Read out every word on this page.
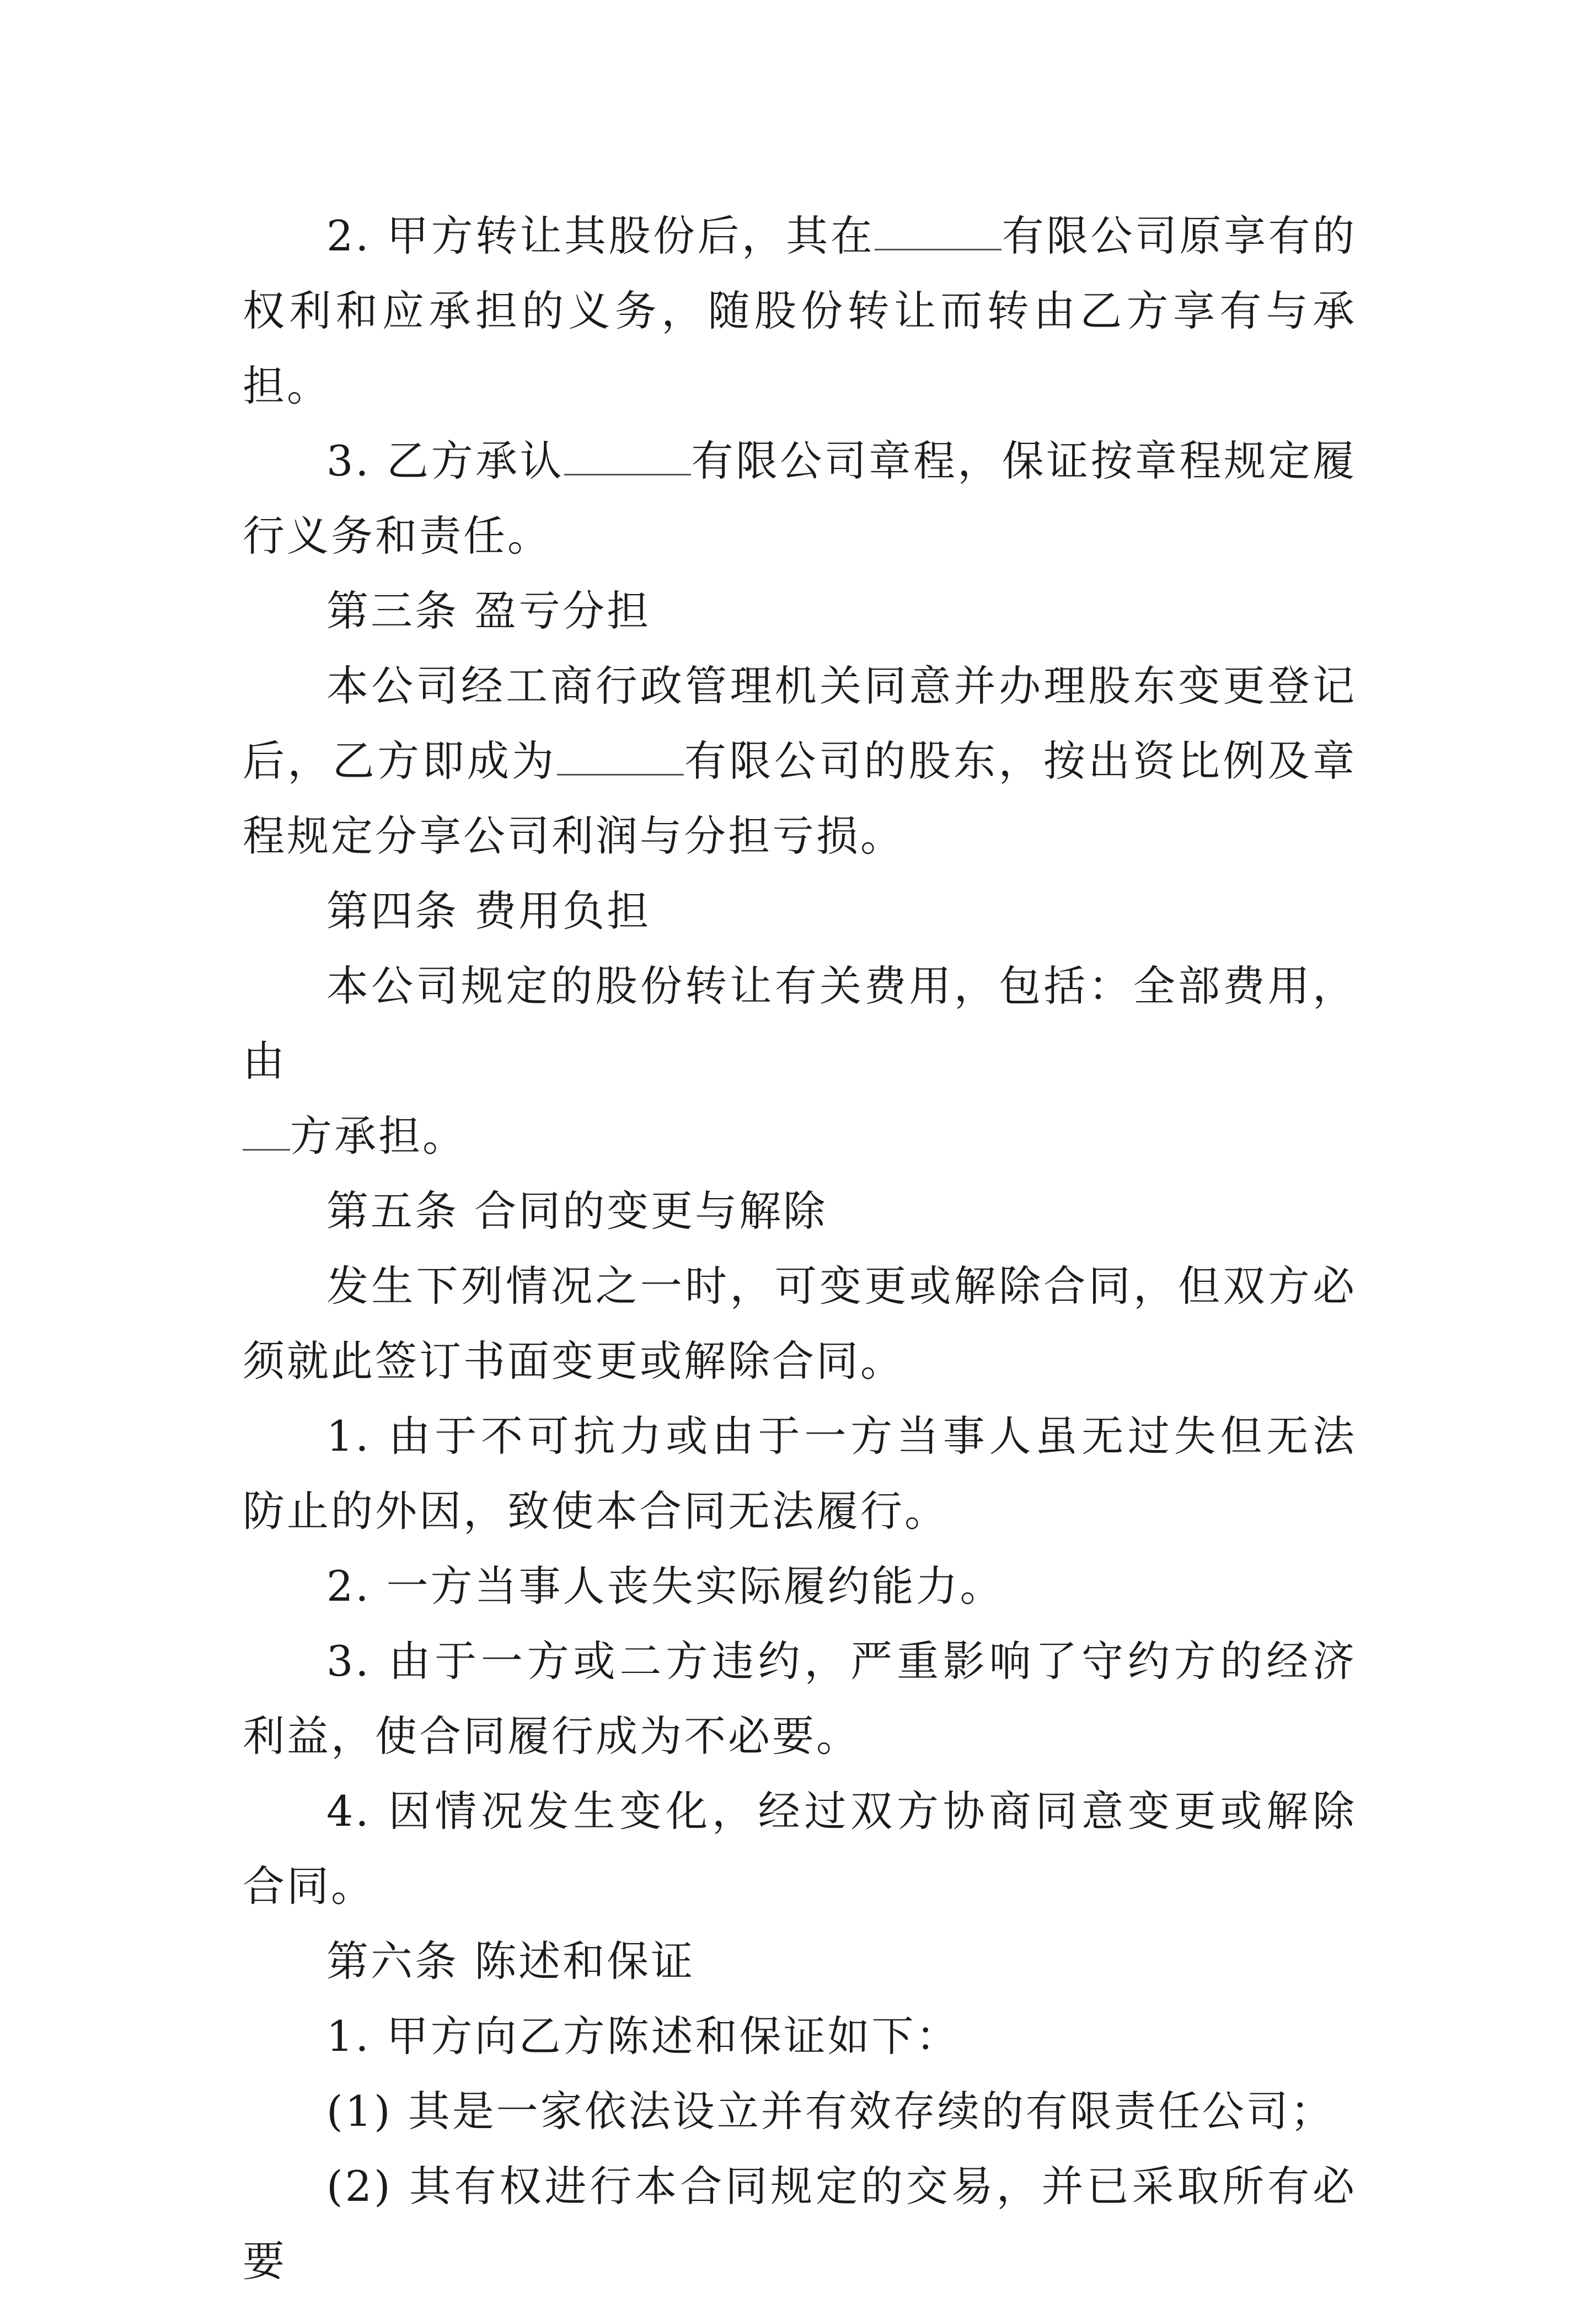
2. 甲方转让其股份后，其在	有限公司原享有的权利和应承担的义务，随股份转让而转由乙方享有与承担。

3. 乙方承认	有限公司章程，保证按章程规定履行义务和责任。

第三条 盈亏分担

本公司经工商行政管理机关同意并办理股东变更登记后，乙方即成为	有限公司的股东，按出资比例及章程规定分享公司利润与分担亏损。

第四条 费用负担

本公司规定的股份转让有关费用，包括：全部费用，由
方承担。

第五条 合同的变更与解除

发生下列情况之一时，可变更或解除合同，但双方必须就此签订书面变更或解除合同。

1. 由于不可抗力或由于一方当事人虽无过失但无法防止的外因，致使本合同无法履行。

2. 一方当事人丧失实际履约能力。

3. 由于一方或二方违约，严重影响了守约方的经济利益，使合同履行成为不必要。

4. 因情况发生变化，经过双方协商同意变更或解除合同。

第六条 陈述和保证

1. 甲方向乙方陈述和保证如下：

(1) 其是一家依法设立并有效存续的有限责任公司；

(2) 其有权进行本合同规定的交易，并已采取所有必要
